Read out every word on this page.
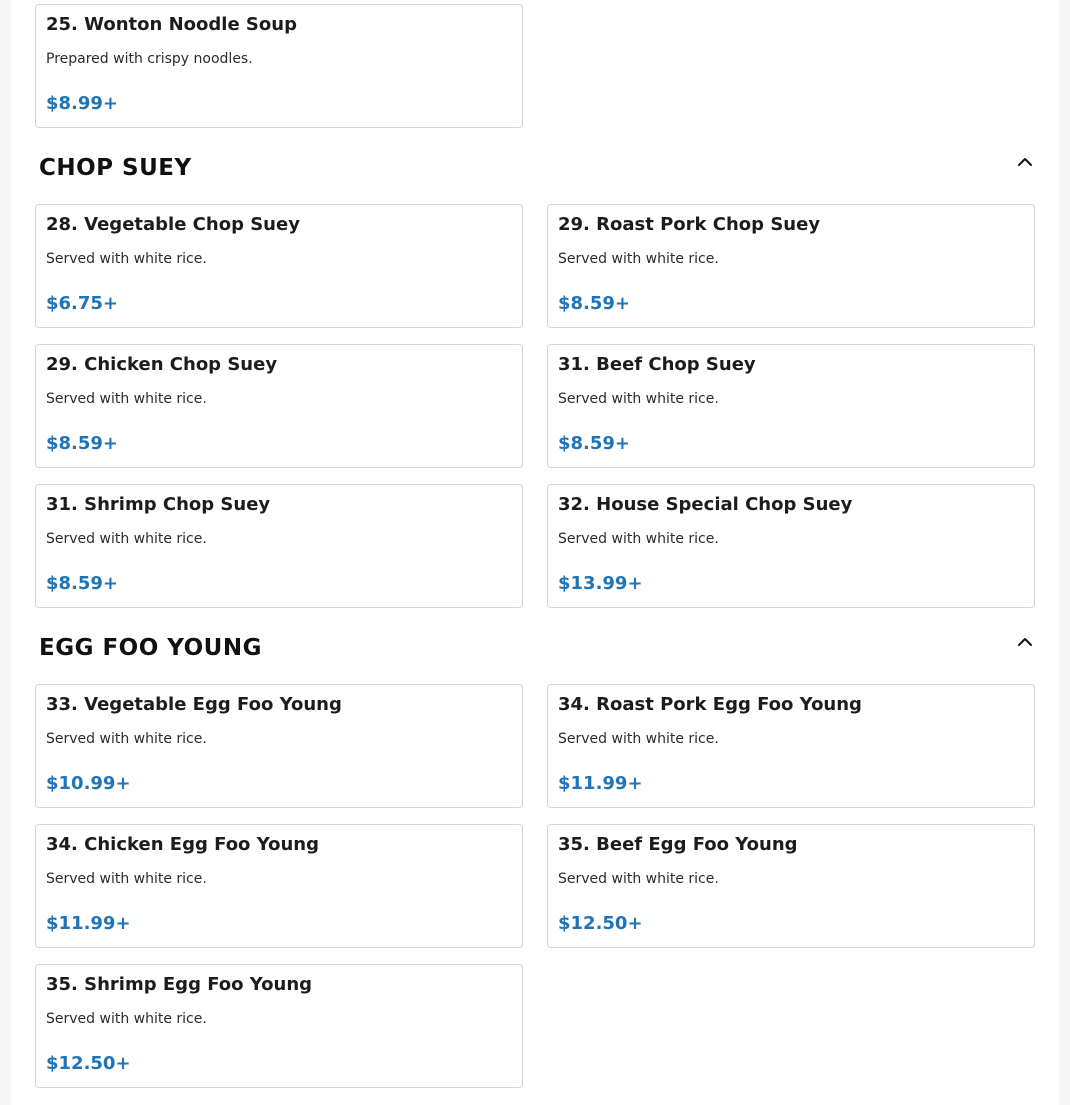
25. Wonton Noodle Soup
Prepared with crispy noodles.
$8.99+
CHOP SUEY
28. Vegetable Chop Suey
Served with white rice.
$6.75+
29. Roast Pork Chop Suey
Served with white rice.
$8.59+
29. Chicken Chop Suey
Served with white rice.
$8.59+
31. Beef Chop Suey
Served with white rice.
$8.59+
31. Shrimp Chop Suey
Served with white rice.
$8.59+
32. House Special Chop Suey
Served with white rice.
$13.99+
EGG FOO YOUNG
33. Vegetable Egg Foo Young
Served with white rice.
$10.99+
34. Roast Pork Egg Foo Young
Served with white rice.
$11.99+
34. Chicken Egg Foo Young
Served with white rice.
$11.99+
35. Beef Egg Foo Young
Served with white rice.
$12.50+
35. Shrimp Egg Foo Young
Served with white rice.
$12.50+
